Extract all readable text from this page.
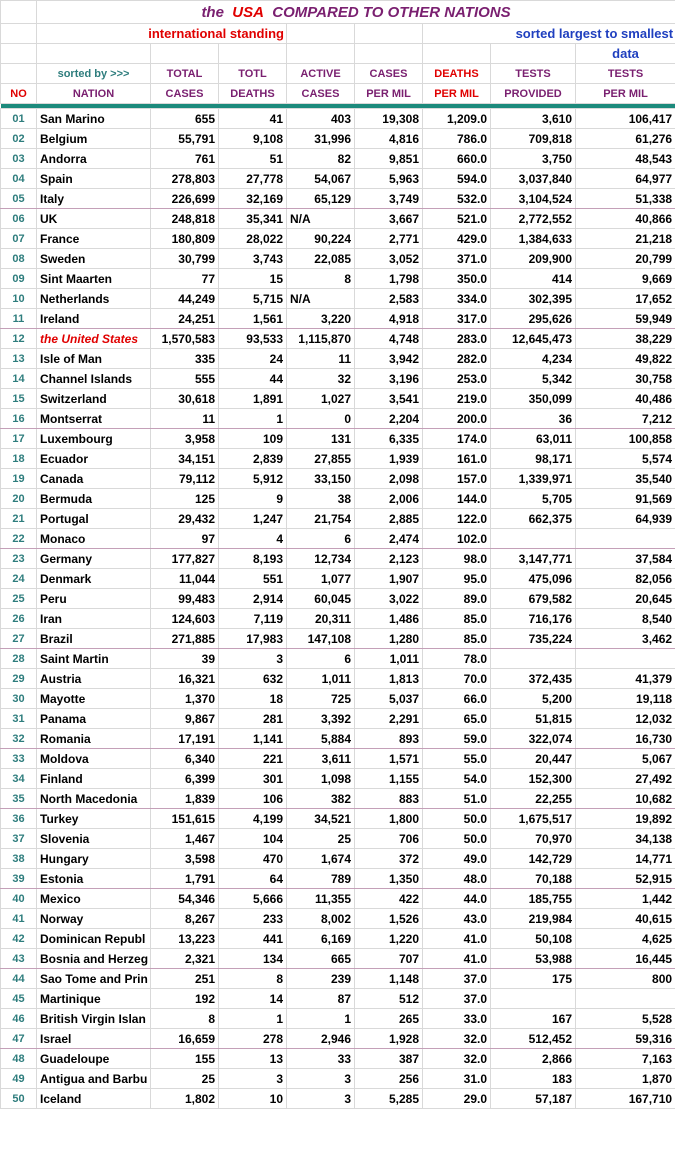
	the USA COMPARED TO OTHER NATIONS							
	international standing					sorted largest to smallest		
								data
	sorted by >>>	TOTAL	TOTL	ACTIVE	CASES	DEATHS	TESTS	TESTS
NO	NATION	CASES	DEATHS	CASES	PER MIL	PER MIL	PROVIDED	PER MIL

01	San Marino	655	41	403	19,308	1,209.0	3,610	106,417
02	Belgium	55,791	9,108	31,996	4,816	786.0	709,818	61,276
03	Andorra	761	51	82	9,851	660.0	3,750	48,543
04	Spain	278,803	27,778	54,067	5,963	594.0	3,037,840	64,977
05	Italy	226,699	32,169	65,129	3,749	532.0	3,104,524	51,338
06	UK	248,818	35,341	N/A	3,667	521.0	2,772,552	40,866
07	France	180,809	28,022	90,224	2,771	429.0	1,384,633	21,218
08	Sweden	30,799	3,743	22,085	3,052	371.0	209,900	20,799
09	Sint Maarten	77	15	8	1,798	350.0	414	9,669
10	Netherlands	44,249	5,715	N/A	2,583	334.0	302,395	17,652
11	Ireland	24,251	1,561	3,220	4,918	317.0	295,626	59,949
12	the United States	1,570,583	93,533	1,115,870	4,748	283.0	12,645,473	38,229
13	Isle of Man	335	24	11	3,942	282.0	4,234	49,822
14	Channel Islands	555	44	32	3,196	253.0	5,342	30,758
15	Switzerland	30,618	1,891	1,027	3,541	219.0	350,099	40,486
16	Montserrat	11	1	0	2,204	200.0	36	7,212
17	Luxembourg	3,958	109	131	6,335	174.0	63,011	100,858
18	Ecuador	34,151	2,839	27,855	1,939	161.0	98,171	5,574
19	Canada	79,112	5,912	33,150	2,098	157.0	1,339,971	35,540
20	Bermuda	125	9	38	2,006	144.0	5,705	91,569
21	Portugal	29,432	1,247	21,754	2,885	122.0	662,375	64,939
22	Monaco	97	4	6	2,474	102.0		
23	Germany	177,827	8,193	12,734	2,123	98.0	3,147,771	37,584
24	Denmark	11,044	551	1,077	1,907	95.0	475,096	82,056
25	Peru	99,483	2,914	60,045	3,022	89.0	679,582	20,645
26	Iran	124,603	7,119	20,311	1,486	85.0	716,176	8,540
27	Brazil	271,885	17,983	147,108	1,280	85.0	735,224	3,462
28	Saint Martin	39	3	6	1,011	78.0		
29	Austria	16,321	632	1,011	1,813	70.0	372,435	41,379
30	Mayotte	1,370	18	725	5,037	66.0	5,200	19,118
31	Panama	9,867	281	3,392	2,291	65.0	51,815	12,032
32	Romania	17,191	1,141	5,884	893	59.0	322,074	16,730
33	Moldova	6,340	221	3,611	1,571	55.0	20,447	5,067
34	Finland	6,399	301	1,098	1,155	54.0	152,300	27,492
35	North Macedonia	1,839	106	382	883	51.0	22,255	10,682
36	Turkey	151,615	4,199	34,521	1,800	50.0	1,675,517	19,892
37	Slovenia	1,467	104	25	706	50.0	70,970	34,138
38	Hungary	3,598	470	1,674	372	49.0	142,729	14,771
39	Estonia	1,791	64	789	1,350	48.0	70,188	52,915
40	Mexico	54,346	5,666	11,355	422	44.0	185,755	1,442
41	Norway	8,267	233	8,002	1,526	43.0	219,984	40,615
42	Dominican Republ	13,223	441	6,169	1,220	41.0	50,108	4,625
43	Bosnia and Herzeg	2,321	134	665	707	41.0	53,988	16,445
44	Sao Tome and Prin	251	8	239	1,148	37.0	175	800
45	Martinique	192	14	87	512	37.0		
46	British Virgin Islan	8	1	1	265	33.0	167	5,528
47	Israel	16,659	278	2,946	1,928	32.0	512,452	59,316
48	Guadeloupe	155	13	33	387	32.0	2,866	7,163
49	Antigua and Barbu	25	3	3	256	31.0	183	1,870
50	Iceland	1,802	10	3	5,285	29.0	57,187	167,710
